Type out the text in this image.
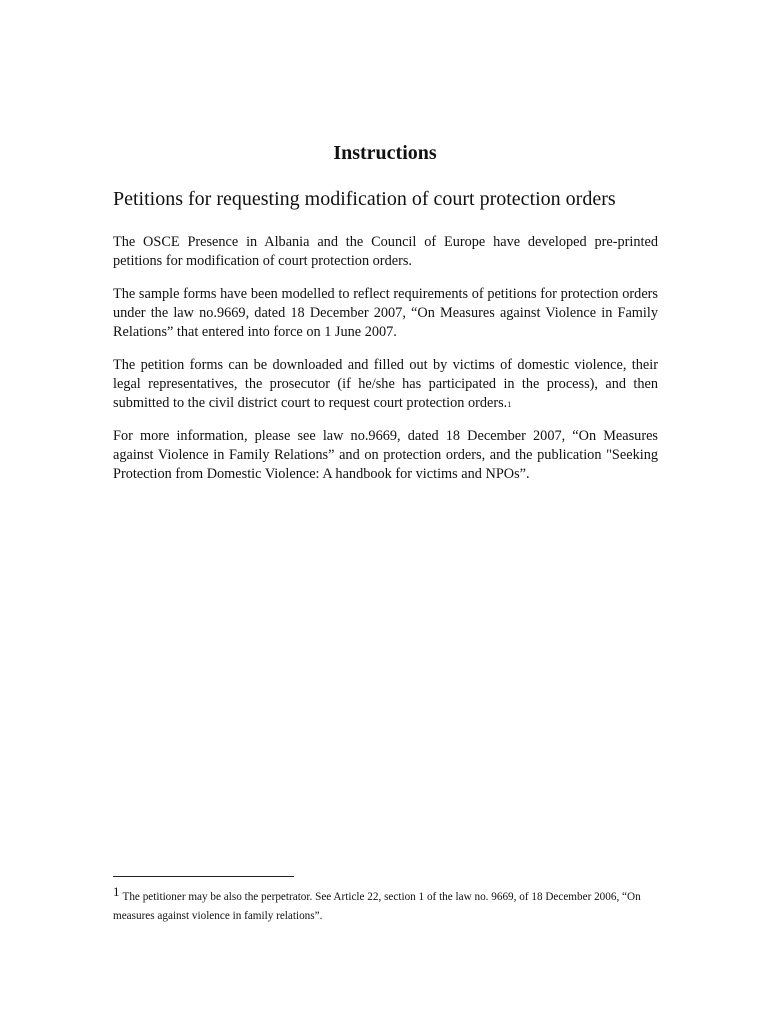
Instructions
Petitions for requesting modification of court protection orders

The OSCE Presence in Albania and the Council of Europe have developed pre-printed petitions for modification of court protection orders.

The sample forms have been modelled to reflect requirements of petitions for protection orders under the law no.9669, dated 18 December 2007, “On Measures against Violence in Family Relations” that entered into force on 1 June 2007.

The petition forms can be downloaded and filled out by victims of domestic violence, their legal representatives, the prosecutor (if he/she has participated in the process), and then submitted to the civil district court to request court protection orders.1

For more information, please see law no.9669, dated 18 December 2007, “On Measures against Violence in Family Relations” and on protection orders, and the publication "Seeking Protection from Domestic Violence: A handbook for victims and NPOs”.

1 The petitioner may be also the perpetrator. See Article 22, section 1 of the law no. 9669, of 18 December 2006, “On measures against violence in family relations”.
